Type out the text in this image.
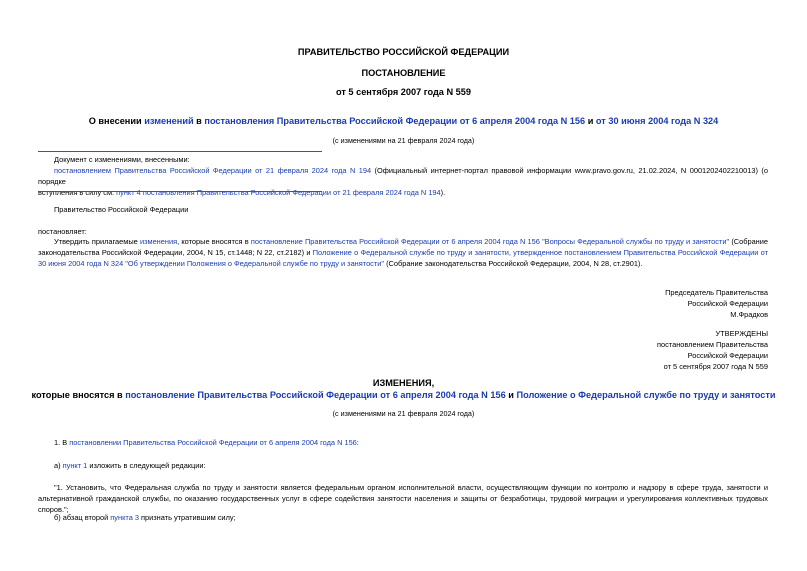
ПРАВИТЕЛЬСТВО РОССИЙСКОЙ ФЕДЕРАЦИИ
ПОСТАНОВЛЕНИЕ
от 5 сентября 2007 года N 559
О внесении изменений в постановления Правительства Российской Федерации от 6 апреля 2004 года N 156 и от 30 июня 2004 года N 324
(с изменениями на 21 февраля 2024 года)
Документ с изменениями, внесенными:
постановлением Правительства Российской Федерации от 21 февраля 2024 года N 194 (Официальный интернет-портал правовой информации www.pravo.gov.ru, 21.02.2024, N 0001202402210013) (о порядке
вступления в силу см. пункт 4 постановления Правительства Российской Федерации от 21 февраля 2024 года N 194).
Правительство Российской Федерации
постановляет:
Утвердить прилагаемые изменения, которые вносятся в постановление Правительства Российской Федерации от 6 апреля 2004 года N 156 "Вопросы Федеральной службы по труду и занятости" (Собрание законодательства Российской Федерации, 2004, N 15, ст.1448; N 22, ст.2182) и Положение о Федеральной службе по труду и занятости, утвержденное постановлением Правительства Российской Федерации от 30 июня 2004 года N 324 "Об утверждении Положения о Федеральной службе по труду и занятости" (Собрание законодательства Российской Федерации, 2004, N 28, ст.2901).
Председатель Правительства
Российской Федерации
М.Фрадков
УТВЕРЖДЕНЫ
постановлением Правительства
Российской Федерации
от 5 сентября 2007 года N 559
ИЗМЕНЕНИЯ,
которые вносятся в постановление Правительства Российской Федерации от 6 апреля 2004 года N 156 и Положение о Федеральной службе по труду и занятости
(с изменениями на 21 февраля 2024 года)
1. В постановлении Правительства Российской Федерации от 6 апреля 2004 года N 156:
а) пункт 1 изложить в следующей редакции:
"1. Установить, что Федеральная служба по труду и занятости является федеральным органом исполнительной власти, осуществляющим функции по контролю и надзору в сфере труда, занятости и альтернативной гражданской службы, по оказанию государственных услуг в сфере содействия занятости населения и защиты от безработицы, трудовой миграции и урегулирования коллективных трудовых споров.";
б) абзац второй пункта 3 признать утратившим силу;
